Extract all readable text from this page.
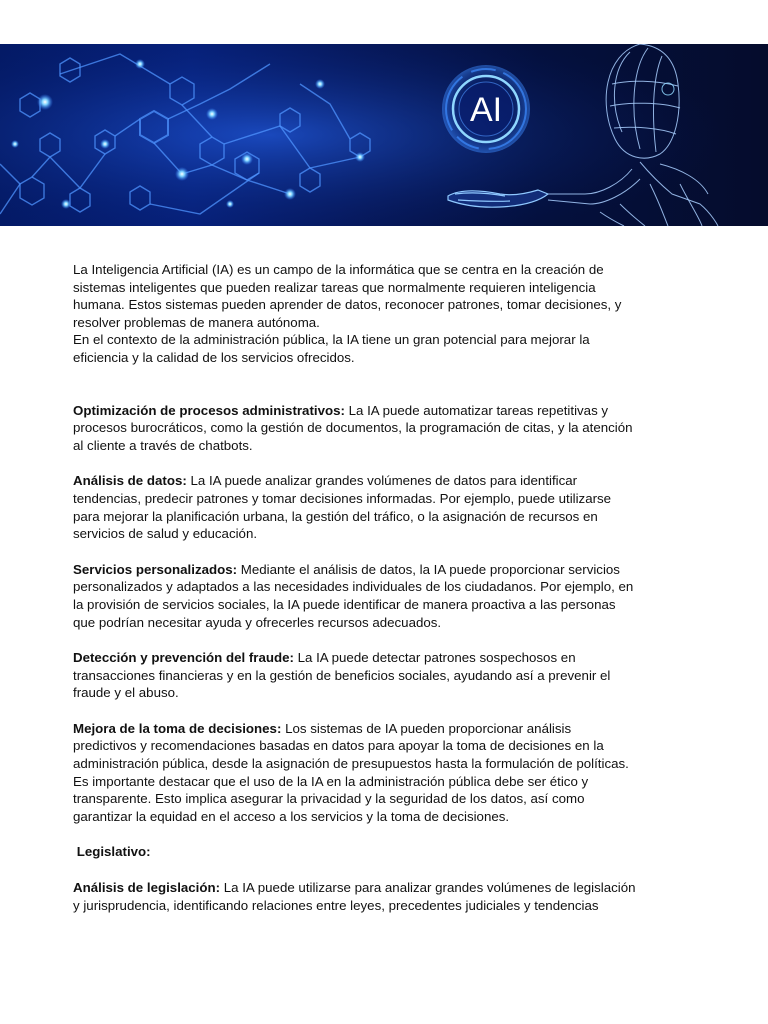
AI

La Inteligencia Artificial (IA) es un campo de la informática que se centra en la creación de
sistemas inteligentes que pueden realizar tareas que normalmente requieren inteligencia
humana. Estos sistemas pueden aprender de datos, reconocer patrones, tomar decisiones, y
resolver problemas de manera autónoma.
En el contexto de la administración pública, la IA tiene un gran potencial para mejorar la
eficiencia y la calidad de los servicios ofrecidos.

Optimización de procesos administrativos: La IA puede automatizar tareas repetitivas y
procesos burocráticos, como la gestión de documentos, la programación de citas, y la atención
al cliente a través de chatbots.

Análisis de datos: La IA puede analizar grandes volúmenes de datos para identificar
tendencias, predecir patrones y tomar decisiones informadas. Por ejemplo, puede utilizarse
para mejorar la planificación urbana, la gestión del tráfico, o la asignación de recursos en
servicios de salud y educación.

Servicios personalizados: Mediante el análisis de datos, la IA puede proporcionar servicios
personalizados y adaptados a las necesidades individuales de los ciudadanos. Por ejemplo, en
la provisión de servicios sociales, la IA puede identificar de manera proactiva a las personas
que podrían necesitar ayuda y ofrecerles recursos adecuados.

Detección y prevención del fraude: La IA puede detectar patrones sospechosos en
transacciones financieras y en la gestión de beneficios sociales, ayudando así a prevenir el
fraude y el abuso.

Mejora de la toma de decisiones: Los sistemas de IA pueden proporcionar análisis
predictivos y recomendaciones basadas en datos para apoyar la toma de decisiones en la
administración pública, desde la asignación de presupuestos hasta la formulación de políticas.
Es importante destacar que el uso de la IA en la administración pública debe ser ético y
transparente. Esto implica asegurar la privacidad y la seguridad de los datos, así como
garantizar la equidad en el acceso a los servicios y la toma de decisiones.

Legislativo:

Análisis de legislación: La IA puede utilizarse para analizar grandes volúmenes de legislación
y jurisprudencia, identificando relaciones entre leyes, precedentes judiciales y tendencias
